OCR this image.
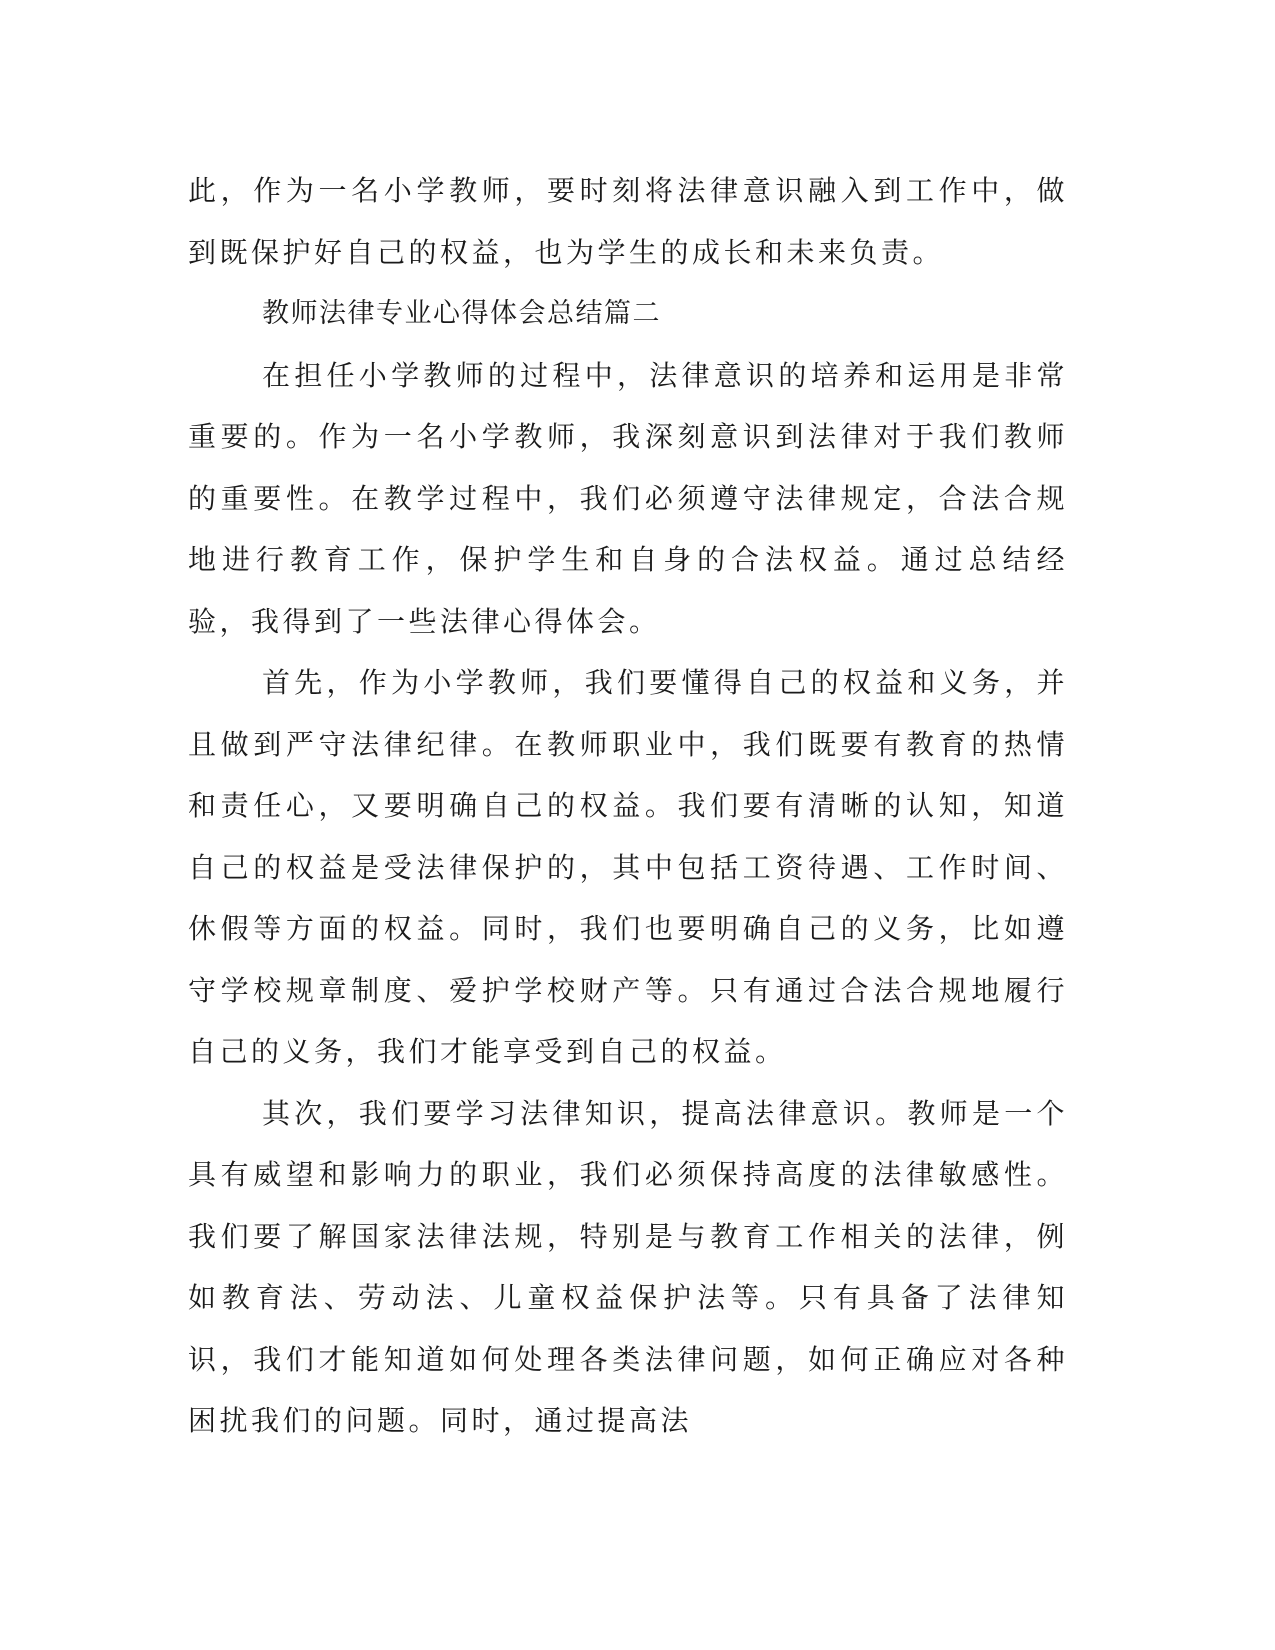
此，作为一名小学教师，要时刻将法律意识融入到工作中，做到既保护好自己的权益，也为学生的成长和未来负责。

教师法律专业心得体会总结篇二

在担任小学教师的过程中，法律意识的培养和运用是非常重要的。作为一名小学教师，我深刻意识到法律对于我们教师的重要性。在教学过程中，我们必须遵守法律规定，合法合规地进行教育工作，保护学生和自身的合法权益。通过总结经验，我得到了一些法律心得体会。

首先，作为小学教师，我们要懂得自己的权益和义务，并且做到严守法律纪律。在教师职业中，我们既要有教育的热情和责任心，又要明确自己的权益。我们要有清晰的认知，知道自己的权益是受法律保护的，其中包括工资待遇、工作时间、休假等方面的权益。同时，我们也要明确自己的义务，比如遵守学校规章制度、爱护学校财产等。只有通过合法合规地履行自己的义务，我们才能享受到自己的权益。

其次，我们要学习法律知识，提高法律意识。教师是一个具有威望和影响力的职业，我们必须保持高度的法律敏感性。我们要了解国家法律法规，特别是与教育工作相关的法律，例如教育法、劳动法、儿童权益保护法等。只有具备了法律知识，我们才能知道如何处理各类法律问题，如何正确应对各种困扰我们的问题。同时，通过提高法
